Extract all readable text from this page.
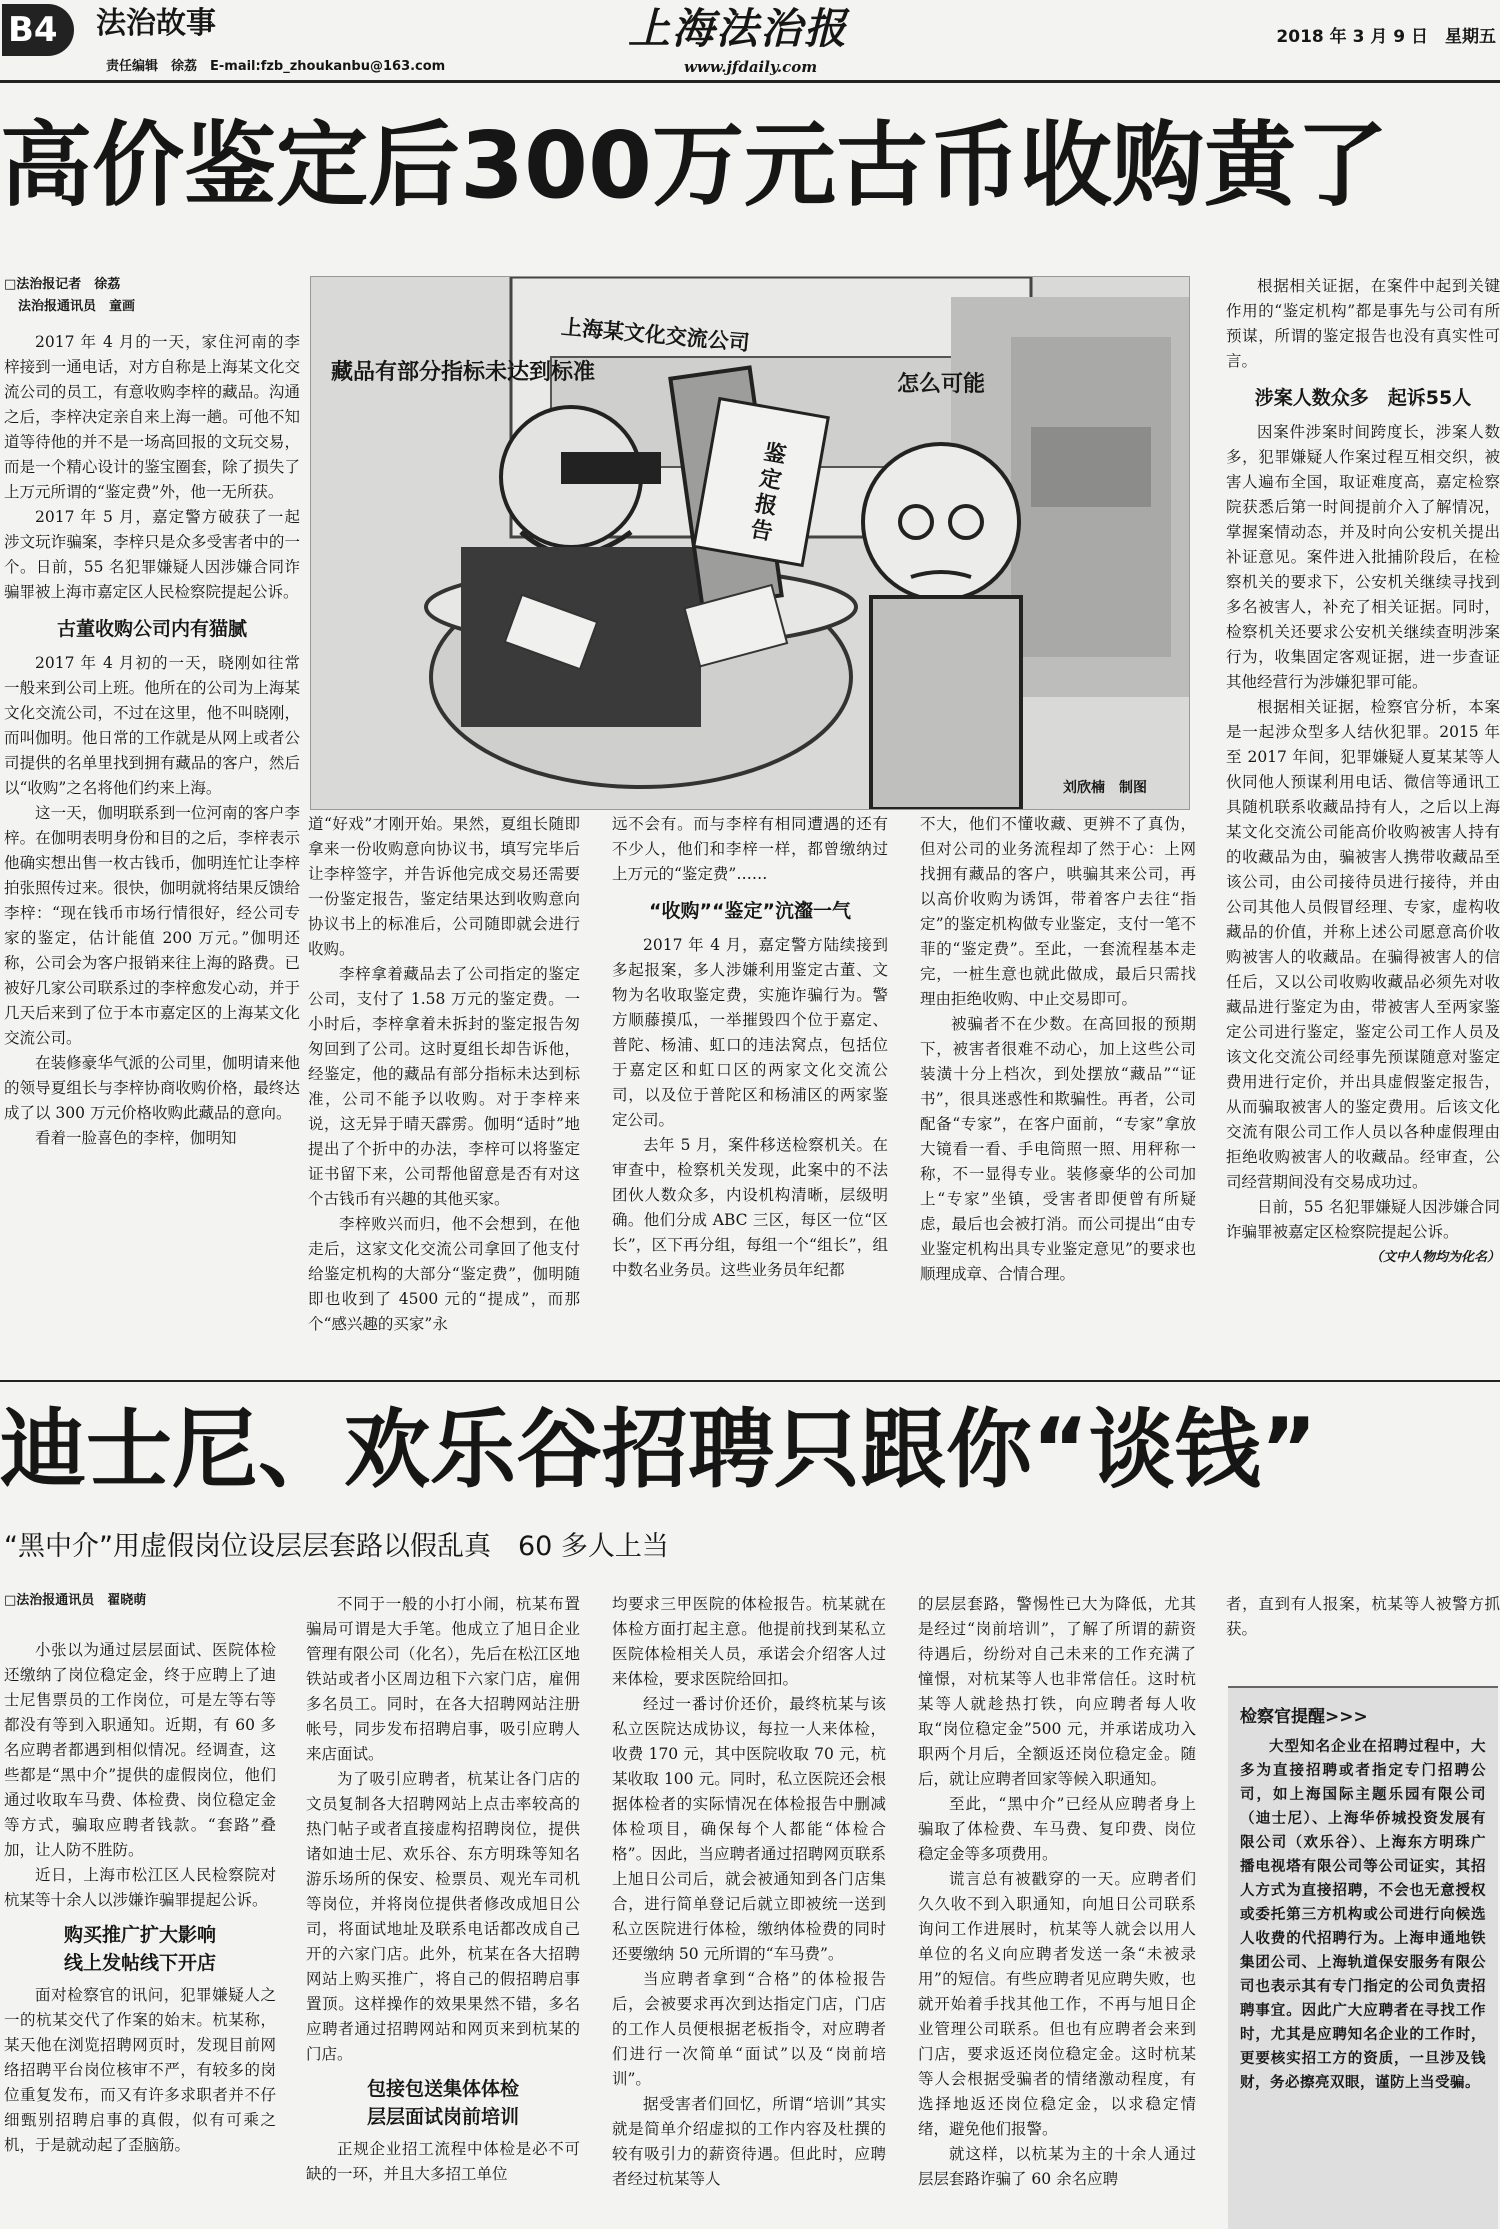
B4 法治故事
责任编辑　徐荔　E-mail:fzb_zhoukanbu@163.com
上海法治报
www.jfdaily.com
2018 年 3 月 9 日　星期五
高价鉴定后300万元古币收购黄了
□法治报记者　徐荔
法治报通讯员　童画

2017 年 4 月的一天，家住河南的李梓接到一通电话，对方自称是上海某文化交流公司的员工，有意收购李梓的藏品。沟通之后，李梓决定亲自来上海一趟。可他不知道等待他的并不是一场高回报的文玩交易，而是一个精心设计的鉴宝圈套，除了损失了上万元所谓的“鉴定费”外，他一无所获。

2017 年 5 月，嘉定警方破获了一起涉文玩诈骗案，李梓只是众多受害者中的一个。日前，55 名犯罪嫌疑人因涉嫌合同诈骗罪被上海市嘉定区人民检察院提起公诉。

古董收购公司内有猫腻

2017 年 4 月初的一天，晓刚如往常一般来到公司上班。他所在的公司为上海某文化交流公司，不过在这里，他不叫晓刚，而叫伽明。他日常的工作就是从网上或者公司提供的名单里找到拥有藏品的客户，然后以“收购”之名将他们约来上海。

这一天，伽明联系到一位河南的客户李梓。在伽明表明身份和目的之后，李梓表示他确实想出售一枚古钱币，伽明连忙让李梓拍张照传过来。很快，伽明就将结果反馈给李梓：“现在钱币市场行情很好，经公司专家的鉴定，估计能值 200 万元。”伽明还称，公司会为客户报销来往上海的路费。已被好几家公司联系过的李梓愈发心动，并于几天后来到了位于本市嘉定区的上海某文化交流公司。

在装修豪华气派的公司里，伽明请来他的领导夏组长与李梓协商收购价格，最终达成了以 300 万元价格收购此藏品的意向。

看着一脸喜色的李梓，伽明知

上海某文化交流公司
藏品有部分指标未达到标准	怎么可能
鉴定报告
刘欣楠　制图

道“好戏”才刚开始。果然，夏组长随即拿来一份收购意向协议书，填写完毕后让李梓签字，并告诉他完成交易还需要一份鉴定报告，鉴定结果达到收购意向协议书上的标准后，公司随即就会进行收购。

李梓拿着藏品去了公司指定的鉴定公司，支付了 1.58 万元的鉴定费。一小时后，李梓拿着未拆封的鉴定报告匆匆回到了公司。这时夏组长却告诉他，经鉴定，他的藏品有部分指标未达到标准，公司不能予以收购。对于李梓来说，这无异于晴天霹雳。伽明“适时”地提出了个折中的办法，李梓可以将鉴定证书留下来，公司帮他留意是否有对这个古钱币有兴趣的其他买家。

李梓败兴而归，他不会想到，在他走后，这家文化交流公司拿回了他支付给鉴定机构的大部分“鉴定费”，伽明随即也收到了 4500 元的“提成”，而那个“感兴趣的买家”永

远不会有。而与李梓有相同遭遇的还有不少人，他们和李梓一样，都曾缴纳过上万元的“鉴定费”……

“收购”“鉴定”沆瀣一气

2017 年 4 月，嘉定警方陆续接到多起报案，多人涉嫌利用鉴定古董、文物为名收取鉴定费，实施诈骗行为。警方顺藤摸瓜，一举摧毁四个位于嘉定、普陀、杨浦、虹口的违法窝点，包括位于嘉定区和虹口区的两家文化交流公司，以及位于普陀区和杨浦区的两家鉴定公司。

去年 5 月，案件移送检察机关。在审查中，检察机关发现，此案中的不法团伙人数众多，内设机构清晰，层级明确。他们分成 ABC 三区，每区一位“区长”，区下再分组，每组一个“组长”，组中数名业务员。这些业务员年纪都

不大，他们不懂收藏、更辨不了真伪，但对公司的业务流程却了然于心：上网找拥有藏品的客户，哄骗其来公司，再以高价收购为诱饵，带着客户去往“指定”的鉴定机构做专业鉴定，支付一笔不菲的“鉴定费”。至此，一套流程基本走完，一桩生意也就此做成，最后只需找理由拒绝收购、中止交易即可。

被骗者不在少数。在高回报的预期下，被害者很难不动心，加上这些公司装潢十分上档次，到处摆放“藏品”“证书”，很具迷惑性和欺骗性。再者，公司配备“专家”，在客户面前，“专家”拿放大镜看一看、手电筒照一照、用秤称一称，不一显得专业。装修豪华的公司加上“专家”坐镇，受害者即便曾有所疑虑，最后也会被打消。而公司提出“由专业鉴定机构出具专业鉴定意见”的要求也顺理成章、合情合理。

根据相关证据，在案件中起到关键作用的“鉴定机构”都是事先与公司有所预谋，所谓的鉴定报告也没有真实性可言。

涉案人数众多　起诉55人

因案件涉案时间跨度长，涉案人数多，犯罪嫌疑人作案过程互相交织，被害人遍布全国，取证难度高，嘉定检察院获悉后第一时间提前介入了解情况，掌握案情动态，并及时向公安机关提出补证意见。案件进入批捕阶段后，在检察机关的要求下，公安机关继续寻找到多名被害人，补充了相关证据。同时，检察机关还要求公安机关继续查明涉案行为，收集固定客观证据，进一步查证其他经营行为涉嫌犯罪可能。

根据相关证据，检察官分析，本案是一起涉众型多人结伙犯罪。2015 年至 2017 年间，犯罪嫌疑人夏某某等人伙同他人预谋利用电话、微信等通讯工具随机联系收藏品持有人，之后以上海某文化交流公司能高价收购被害人持有的收藏品为由，骗被害人携带收藏品至该公司，由公司接待员进行接待，并由公司其他人员假冒经理、专家，虚构收藏品的价值，并称上述公司愿意高价收购被害人的收藏品。在骗得被害人的信任后，又以公司收购收藏品必须先对收藏品进行鉴定为由，带被害人至两家鉴定公司进行鉴定，鉴定公司工作人员及该文化交流公司经事先预谋随意对鉴定费用进行定价，并出具虚假鉴定报告，从而骗取被害人的鉴定费用。后该文化交流有限公司工作人员以各种虚假理由拒绝收购被害人的收藏品。经审查，公司经营期间没有交易成功过。

日前，55 名犯罪嫌疑人因涉嫌合同诈骗罪被嘉定区检察院提起公诉。

（文中人物均为化名）
迪士尼、欢乐谷招聘只跟你“谈钱”
“黑中介”用虚假岗位设层层套路以假乱真　60 多人上当
□法治报通讯员　翟晓萌

小张以为通过层层面试、医院体检还缴纳了岗位稳定金，终于应聘上了迪士尼售票员的工作岗位，可是左等右等都没有等到入职通知。近期，有 60 多名应聘者都遇到相似情况。经调查，这些都是“黑中介”提供的虚假岗位，他们通过收取车马费、体检费、岗位稳定金等方式，骗取应聘者钱款。“套路”叠加，让人防不胜防。

近日，上海市松江区人民检察院对杭某等十余人以涉嫌诈骗罪提起公诉。

购买推广扩大影响
线上发帖线下开店

面对检察官的讯问，犯罪嫌疑人之一的杭某交代了作案的始末。杭某称，某天他在浏览招聘网页时，发现目前网络招聘平台岗位核审不严，有较多的岗位重复发布，而又有许多求职者并不仔细甄别招聘启事的真假，似有可乘之机，于是就动起了歪脑筋。

不同于一般的小打小闹，杭某布置骗局可谓是大手笔。他成立了旭日企业管理有限公司（化名），先后在松江区地铁站或者小区周边租下六家门店，雇佣多名员工。同时，在各大招聘网站注册帐号，同步发布招聘启事，吸引应聘人来店面试。

为了吸引应聘者，杭某让各门店的文员复制各大招聘网站上点击率较高的热门帖子或者直接虚构招聘岗位，提供诸如迪士尼、欢乐谷、东方明珠等知名游乐场所的保安、检票员、观光车司机等岗位，并将岗位提供者修改成旭日公司，将面试地址及联系电话都改成自己开的六家门店。此外，杭某在各大招聘网站上购买推广，将自己的假招聘启事置顶。这样操作的效果果然不错，多名应聘者通过招聘网站和网页来到杭某的门店。

包接包送集体体检
层层面试岗前培训

正规企业招工流程中体检是必不可缺的一环，并且大多招工单位

均要求三甲医院的体检报告。杭某就在体检方面打起主意。他提前找到某私立医院体检相关人员，承诺会介绍客人过来体检，要求医院给回扣。

经过一番讨价还价，最终杭某与该私立医院达成协议，每拉一人来体检，收费 170 元，其中医院收取 70 元，杭某收取 100 元。同时，私立医院还会根据体检者的实际情况在体检报告中删减体检项目，确保每个人都能“体检合格”。因此，当应聘者通过招聘网页联系上旭日公司后，就会被通知到各门店集合，进行简单登记后就立即被统一送到私立医院进行体检，缴纳体检费的同时还要缴纳 50 元所谓的“车马费”。

当应聘者拿到“合格”的体检报告后，会被要求再次到达指定门店，门店的工作人员便根据老板指令，对应聘者们进行一次简单“面试”以及“岗前培训”。

据受害者们回忆，所谓“培训”其实就是简单介绍虚拟的工作内容及杜撰的较有吸引力的薪资待遇。但此时，应聘者经过杭某等人

的层层套路，警惕性已大为降低，尤其是经过“岗前培训”，了解了所谓的薪资待遇后，纷纷对自己未来的工作充满了憧憬，对杭某等人也非常信任。这时杭某等人就趁热打铁，向应聘者每人收取“岗位稳定金”500 元，并承诺成功入职两个月后，全额返还岗位稳定金。随后，就让应聘者回家等候入职通知。

至此，“黑中介”已经从应聘者身上骗取了体检费、车马费、复印费、岗位稳定金等多项费用。

谎言总有被戳穿的一天。应聘者们久久收不到入职通知，向旭日公司联系询问工作进展时，杭某等人就会以用人单位的名义向应聘者发送一条“未被录用”的短信。有些应聘者见应聘失败，也就开始着手找其他工作，不再与旭日企业管理公司联系。但也有应聘者会来到门店，要求返还岗位稳定金。这时杭某等人会根据受骗者的情绪激动程度，有选择地返还岗位稳定金，以求稳定情绪，避免他们报警。

就这样，以杭某为主的十余人通过层层套路诈骗了 60 余名应聘

者，直到有人报案，杭某等人被警方抓获。

检察官提醒>>>
大型知名企业在招聘过程中，大多为直接招聘或者指定专门招聘公司，如上海国际主题乐园有限公司（迪士尼）、上海华侨城投资发展有限公司（欢乐谷）、上海东方明珠广播电视塔有限公司等公司证实，其招人方式为直接招聘，不会也无意授权或委托第三方机构或公司进行向候选人收费的代招聘行为。上海申通地铁集团公司、上海轨道保安服务有限公司也表示其有专门指定的公司负责招聘事宜。因此广大应聘者在寻找工作时，尤其是应聘知名企业的工作时，更要核实招工方的资质，一旦涉及钱财，务必擦亮双眼，谨防上当受骗。
